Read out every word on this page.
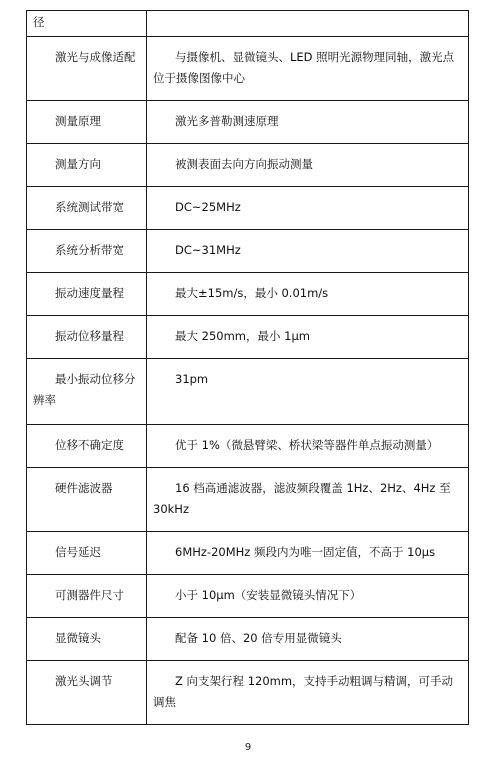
径	
激光与成像适配	与摄像机、显微镜头、LED 照明光源物理同轴，激光点位于摄像图像中心
测量原理	激光多普勒测速原理
测量方向	被测表面去向方向振动测量
系统测试带宽	DC~25MHz
系统分析带宽	DC~31MHz
振动速度量程	最大±15m/s，最小 0.01m/s
振动位移量程	最大 250mm，最小 1μm
最小振动位移分辨率	31pm
位移不确定度	优于 1%（微悬臂梁、桥状梁等器件单点振动测量）
硬件滤波器	16 档高通滤波器，滤波频段覆盖 1Hz、2Hz、4Hz 至 30kHz
信号延迟	6MHz-20MHz 频段内为唯一固定值，不高于 10μs
可测器件尺寸	小于 10μm（安装显微镜头情况下）
显微镜头	配备 10 倍、20 倍专用显微镜头
激光头调节	Z 向支架行程 120mm，支持手动粗调与精调，可手动调焦
9
